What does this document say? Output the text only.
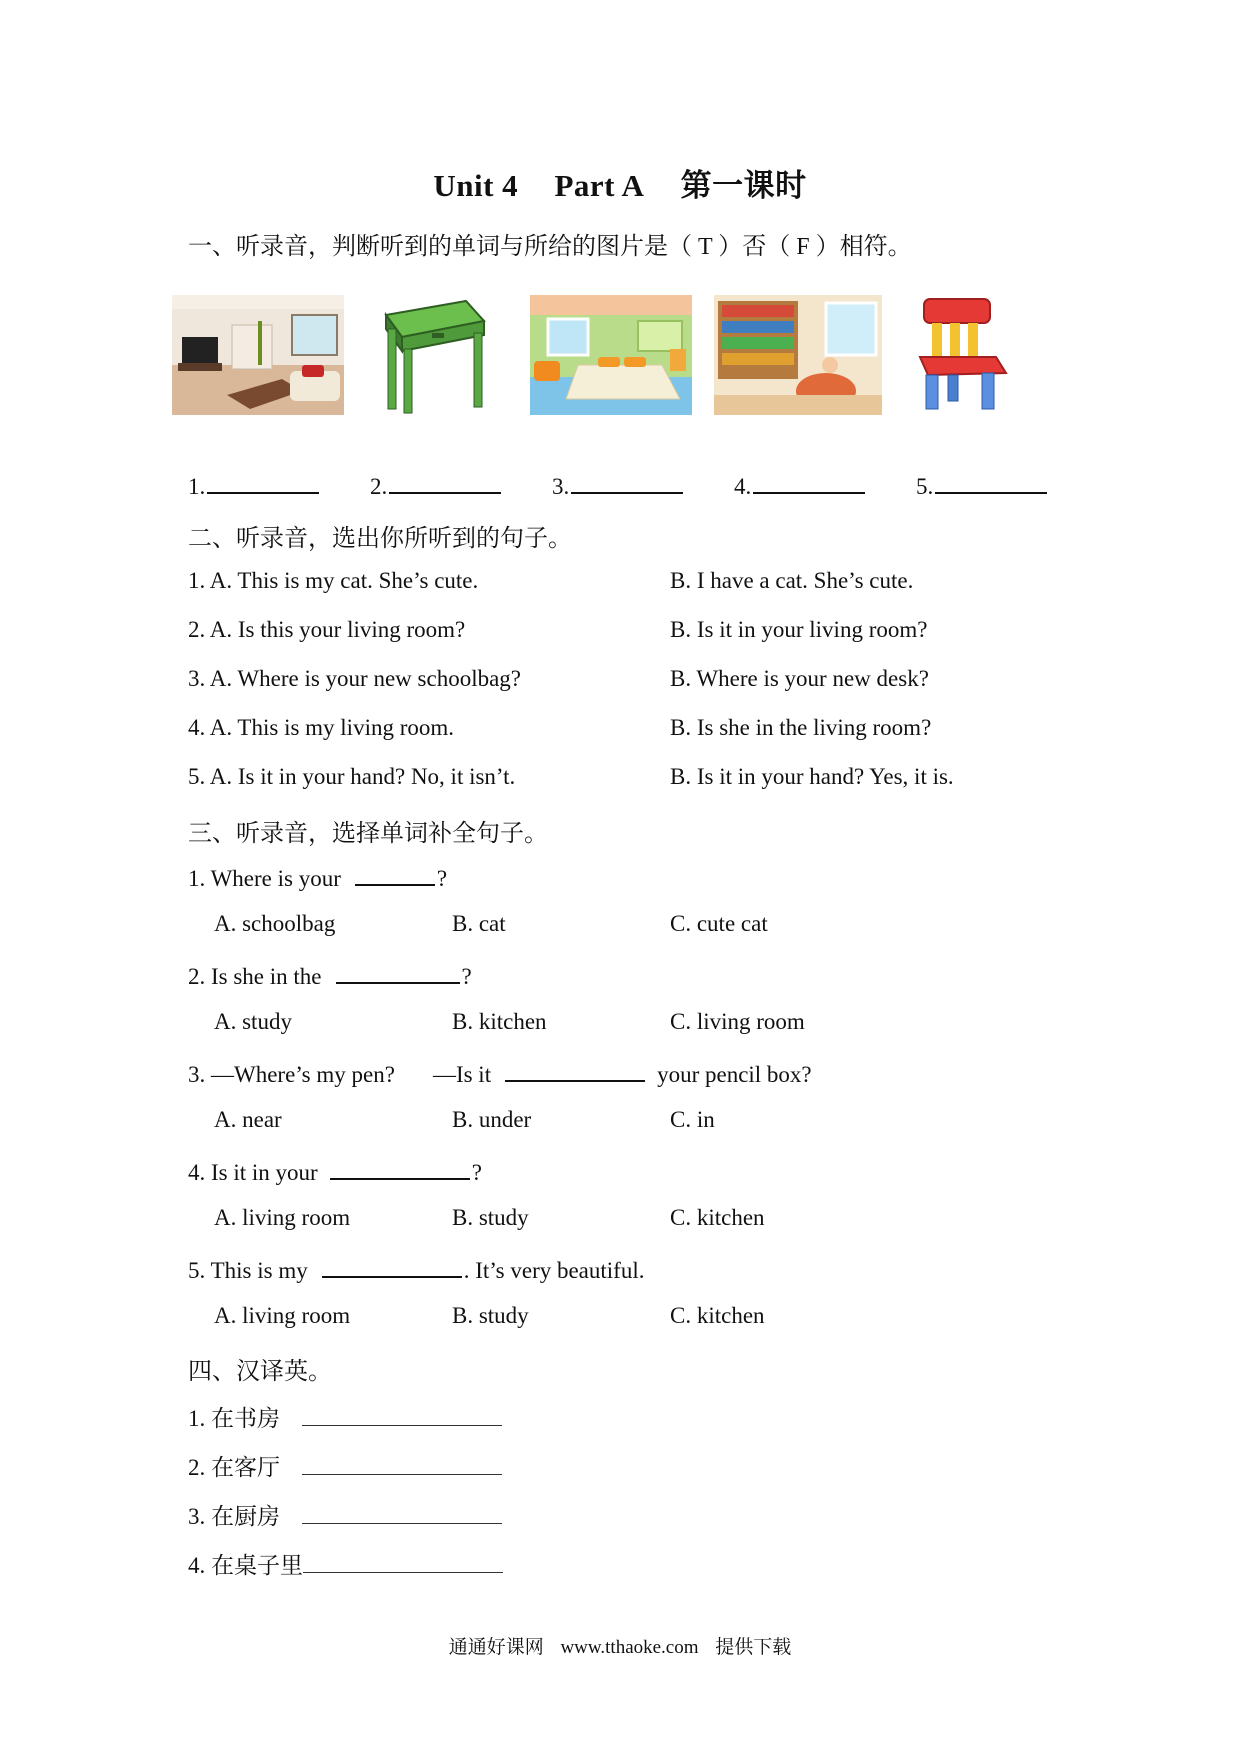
Unit 4 Part A 第一课时
一、听录音，判断听到的单词与所给的图片是（ T ）否（ F ）相符。
1.	2.	3.	4.	5.
二、听录音，选出你所听到的句子。
1. A. This is my cat. She’s cute.	B. I have a cat. She’s cute.
2. A. Is this your living room?	B. Is it in your living room?
3. A. Where is your new schoolbag?	B. Where is your new desk?
4. A. This is my living room.	B. Is she in the living room?
5. A. Is it in your hand? No, it isn’t.	B. Is it in your hand? Yes, it is.
三、听录音，选择单词补全句子。
1. Where is your	?
A. schoolbag	B. cat	C. cute cat
2. Is she in the	?
A. study	B. kitchen	C. living room
3. —Where’s my pen? —Is it	your pencil box?
A. near	B. under	C. in
4. Is it in your	?
A. living room	B. study	C. kitchen
5. This is my	. It’s very beautiful.
A. living room	B. study	C. kitchen
四、汉译英。
1. 在书房
2. 在客厅
3. 在厨房
4. 在桌子里
通通好课网 www.tthaoke.com 提供下载
